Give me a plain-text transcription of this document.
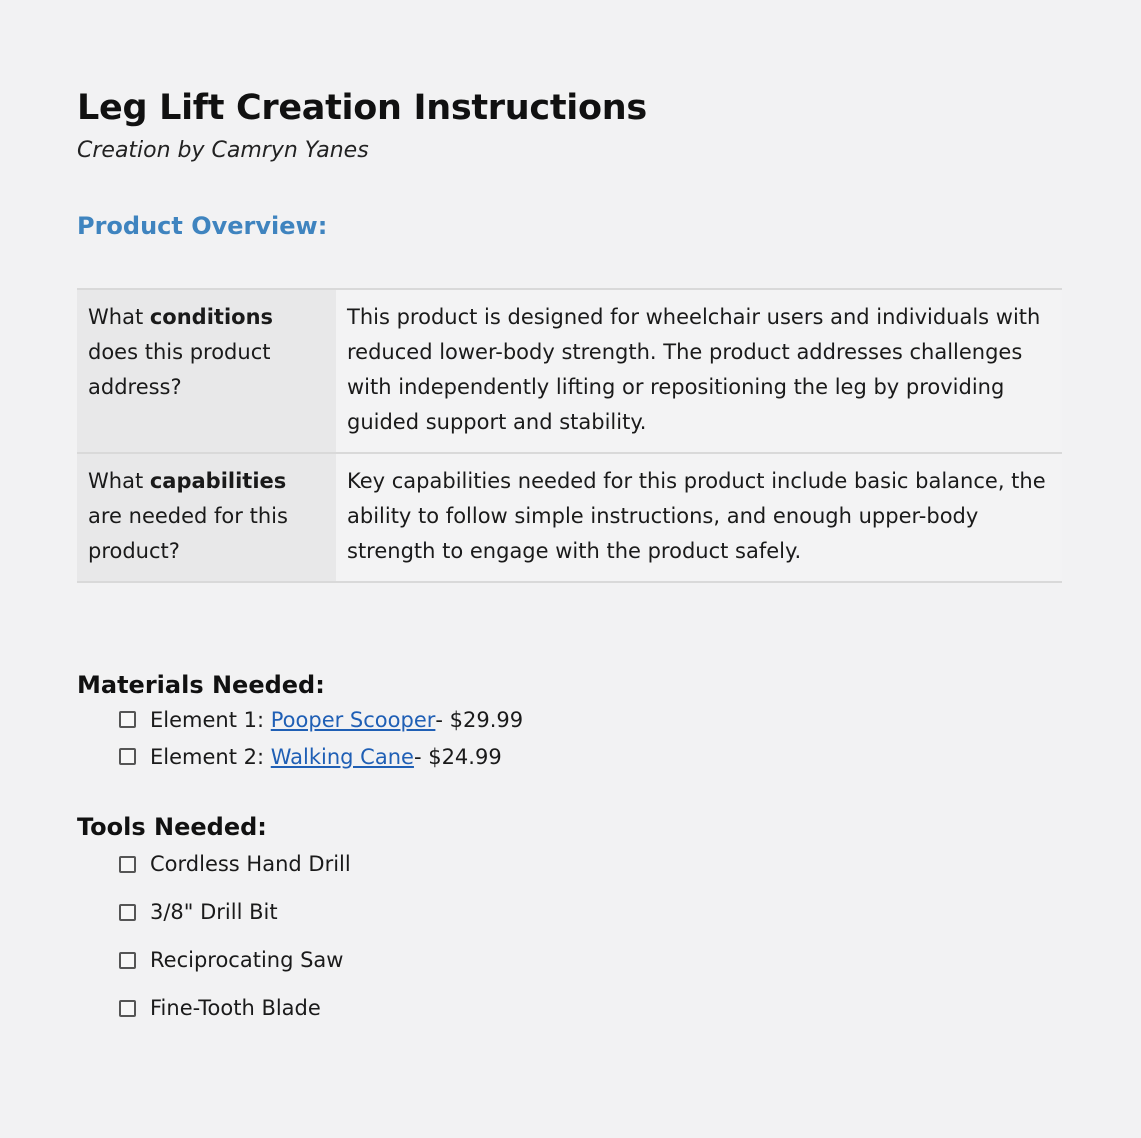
Leg Lift Creation Instructions
Creation by Camryn Yanes
Product Overview:
What conditions does this product address?	This product is designed for wheelchair users and individuals with reduced lower-body strength. The product addresses challenges with independently lifting or repositioning the leg by providing guided support and stability.
What capabilities are needed for this product?	Key capabilities needed for this product include basic balance, the ability to follow simple instructions, and enough upper-body strength to engage with the product safely.
Materials Needed:
Element 1:
Pooper Scooper - $29.99
Element 2:
Walking Cane - $24.99
Tools Needed:
Cordless Hand Drill
3/8" Drill Bit
Reciprocating Saw
Fine-Tooth Blade
